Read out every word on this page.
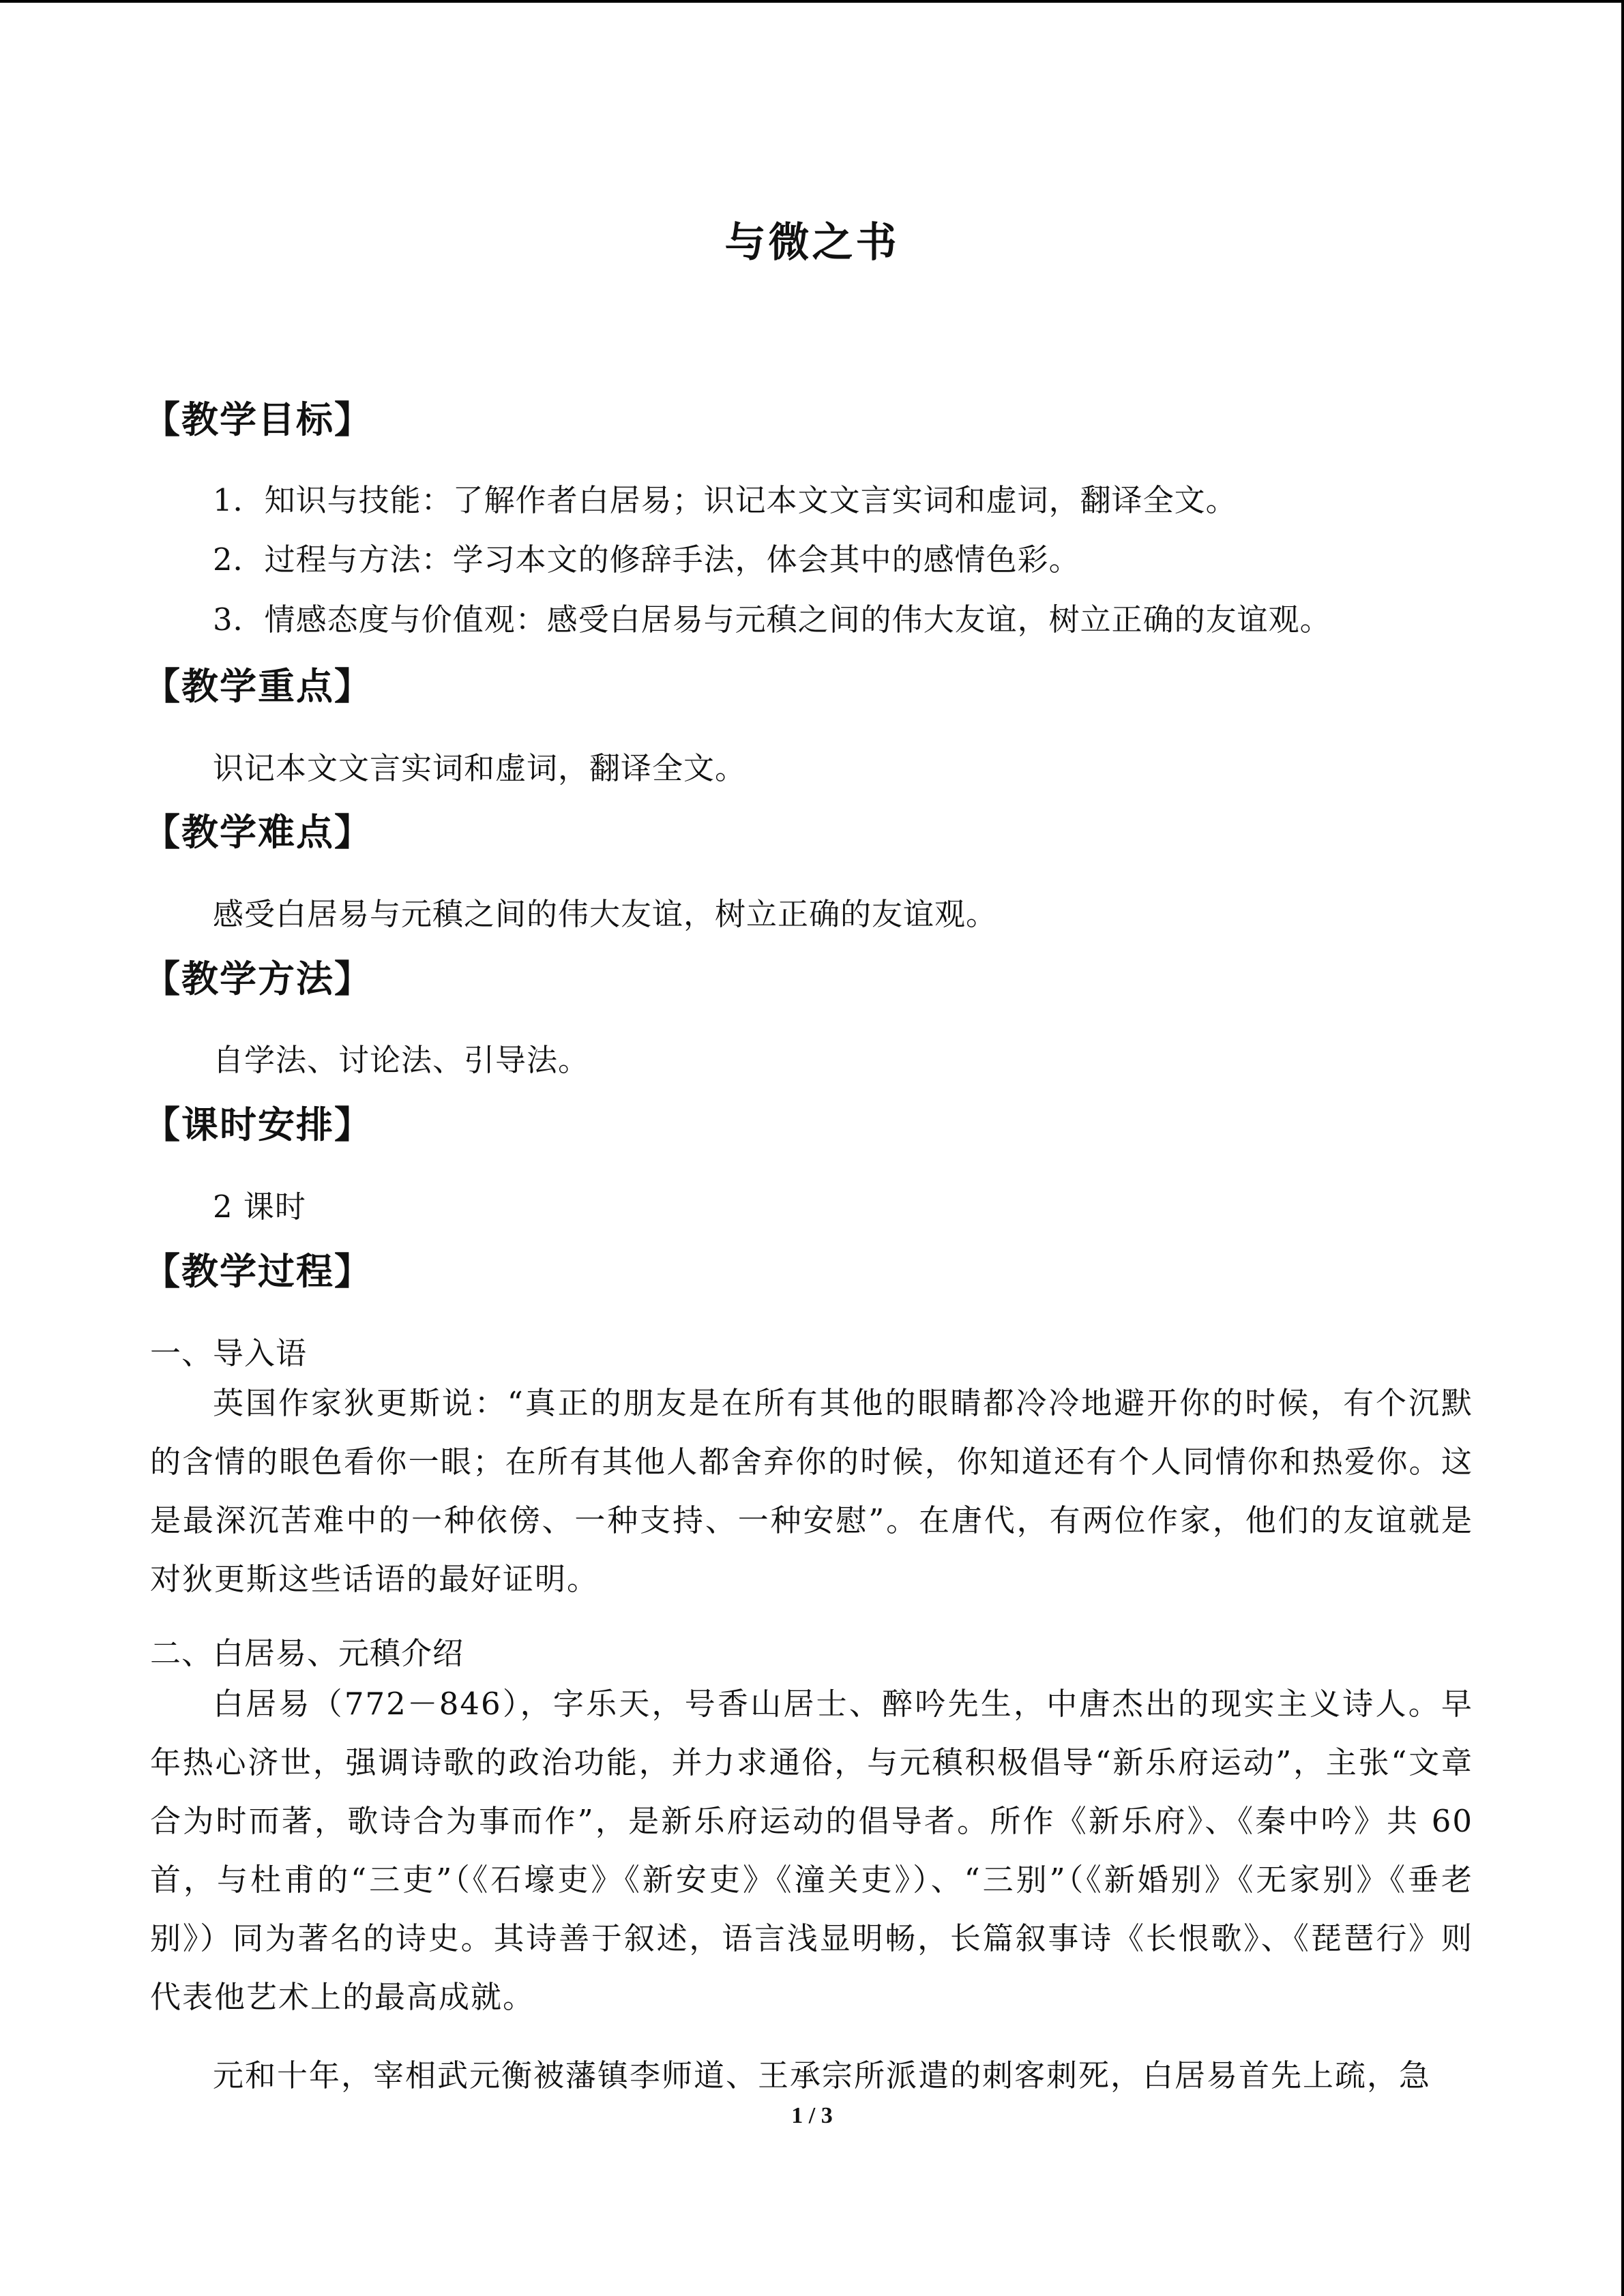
与微之书
【教学目标】
1．知识与技能：了解作者白居易；识记本文文言实词和虚词，翻译全文。
2．过程与方法：学习本文的修辞手法，体会其中的感情色彩。
3．情感态度与价值观：感受白居易与元稹之间的伟大友谊，树立正确的友谊观。
【教学重点】
识记本文文言实词和虚词，翻译全文。
【教学难点】
感受白居易与元稹之间的伟大友谊，树立正确的友谊观。
【教学方法】
自学法、讨论法、引导法。
【课时安排】
2 课时
【教学过程】
一、导入语
英国作家狄更斯说：“真正的朋友是在所有其他的眼睛都冷冷地避开你的时候，有个沉默的含情的眼色看你一眼；在所有其他人都舍弃你的时候，你知道还有个人同情你和热爱你。这是最深沉苦难中的一种依傍、一种支持、一种安慰”。在唐代，有两位作家，他们的友谊就是对狄更斯这些话语的最好证明。
二、白居易、元稹介绍
白居易（772－846），字乐天，号香山居士、醉吟先生，中唐杰出的现实主义诗人。早年热心济世，强调诗歌的政治功能，并力求通俗，与元稹积极倡导“新乐府运动”，主张“文章合为时而著，歌诗合为事而作”，是新乐府运动的倡导者。所作《新乐府》、《秦中吟》共 60 首，与杜甫的“三吏”（《石壕吏》《新安吏》《潼关吏》）、“三别”（《新婚别》《无家别》《垂老别》）同为著名的诗史。其诗善于叙述，语言浅显明畅，长篇叙事诗《长恨歌》、《琵琶行》则代表他艺术上的最高成就。
元和十年，宰相武元衡被藩镇李师道、王承宗所派遣的刺客刺死，白居易首先上疏，急
1 / 3
